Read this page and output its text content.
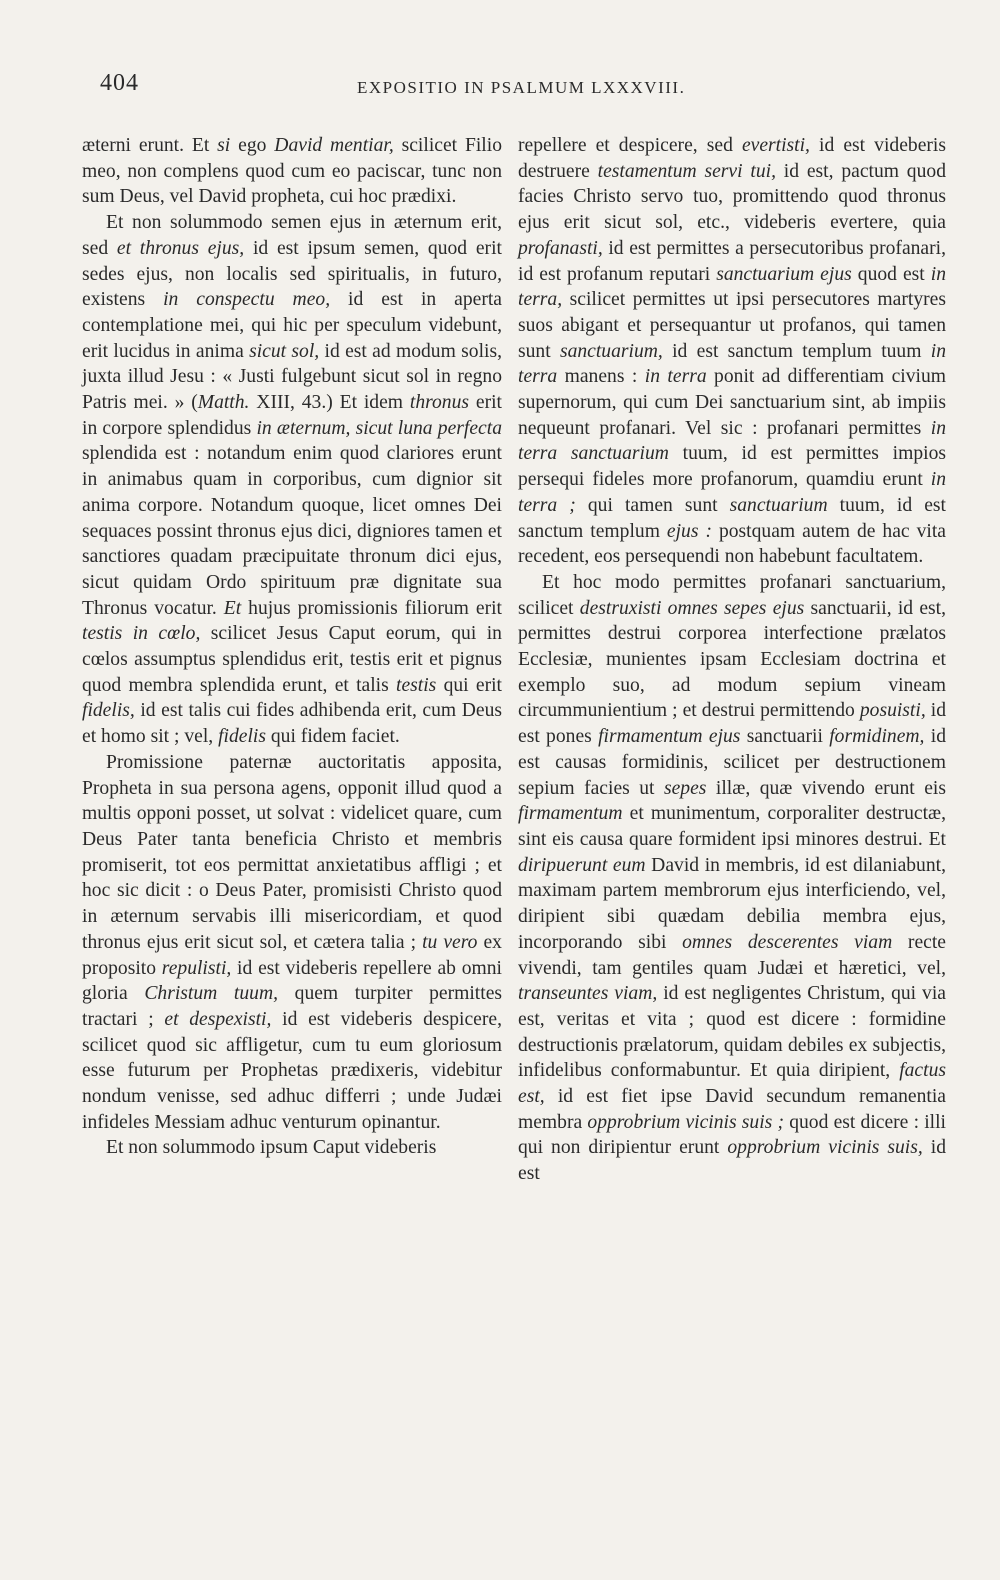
404	EXPOSITIO IN PSALMUM LXXXVIII.

æterni erunt. Et si ego David mentiar, scilicet Filio meo, non complens quod cum eo paciscar, tunc non sum Deus, vel David propheta, cui hoc prædixi.

Et non solummodo semen ejus in æternum erit, sed et thronus ejus, id est ipsum semen, quod erit sedes ejus, non localis sed spiritualis, in futuro, existens in conspectu meo, id est in aperta contemplatione mei, qui hic per speculum videbunt, erit lucidus in anima sicut sol, id est ad modum solis, juxta illud Jesu : « Justi fulgebunt sicut sol in regno Patris mei. » (Matth. XIII, 43.) Et idem thronus erit in corpore splendidus in æternum, sicut luna perfecta splendida est : notandum enim quod clariores erunt in animabus quam in corporibus, cum dignior sit anima corpore. Notandum quoque, licet omnes Dei sequaces possint thronus ejus dici, digniores tamen et sanctiores quadam præcipuitate thronum dici ejus, sicut quidam Ordo spirituum præ dignitate sua Thronus vocatur. Et hujus promissionis filiorum erit testis in cœlo, scilicet Jesus Caput eorum, qui in cœlos assumptus splendidus erit, testis erit et pignus quod membra splendida erunt, et talis testis qui erit fidelis, id est talis cui fides adhibenda erit, cum Deus et homo sit ; vel, fidelis qui fidem faciet.

Promissione paternæ auctoritatis apposita, Propheta in sua persona agens, opponit illud quod a multis opponi posset, ut solvat : videlicet quare, cum Deus Pater tanta beneficia Christo et membris promiserit, tot eos permittat anxietatibus affligi ; et hoc sic dicit : o Deus Pater, promisisti Christo quod in æternum servabis illi misericordiam, et quod thronus ejus erit sicut sol, et cætera talia ; tu vero ex proposito repulisti, id est videberis repellere ab omni gloria Christum tuum, quem turpiter permittes tractari ; et despexisti, id est videberis despicere, scilicet quod sic affligetur, cum tu eum gloriosum esse futurum per Prophetas prædixeris, videbitur nondum venisse, sed adhuc differri ; unde Judæi infideles Messiam adhuc venturum opinantur.

Et non solummodo ipsum Caput videberis

repellere et despicere, sed evertisti, id est videberis destruere testamentum servi tui, id est, pactum quod facies Christo servo tuo, promittendo quod thronus ejus erit sicut sol, etc., videberis evertere, quia profanasti, id est permittes a persecutoribus profanari, id est profanum reputari sanctuarium ejus quod est in terra, scilicet permittes ut ipsi persecutores martyres suos abigant et persequantur ut profanos, qui tamen sunt sanctuarium, id est sanctum templum tuum in terra manens : in terra ponit ad differentiam civium supernorum, qui cum Dei sanctuarium sint, ab impiis nequeunt profanari. Vel sic : profanari permittes in terra sanctuarium tuum, id est permittes impios persequi fideles more profanorum, quamdiu erunt in terra ; qui tamen sunt sanctuarium tuum, id est sanctum templum ejus : postquam autem de hac vita recedent, eos persequendi non habebunt facultatem.

Et hoc modo permittes profanari sanctuarium, scilicet destruxisti omnes sepes ejus sanctuarii, id est, permittes destrui corporea interfectione prælatos Ecclesiæ, munientes ipsam Ecclesiam doctrina et exemplo suo, ad modum sepium vineam circummunientium ; et destrui permittendo posuisti, id est pones firmamentum ejus sanctuarii formidinem, id est causas formidinis, scilicet per destructionem sepium facies ut sepes illæ, quæ vivendo erunt eis firmamentum et munimentum, corporaliter destructæ, sint eis causa quare formident ipsi minores destrui. Et diripuerunt eum David in membris, id est dilaniabunt, maximam partem membrorum ejus interficiendo, vel, diripient sibi quædam debilia membra ejus, incorporando sibi omnes descerentes viam recte vivendi, tam gentiles quam Judæi et hæretici, vel, transeuntes viam, id est negligentes Christum, qui via est, veritas et vita ; quod est dicere : formidine destructionis prælatorum, quidam debiles ex subjectis, infidelibus conformabuntur. Et quia diripient, factus est, id est fiet ipse David secundum remanentia membra opprobrium vicinis suis ; quod est dicere : illi qui non diripientur erunt opprobrium vicinis suis, id est
